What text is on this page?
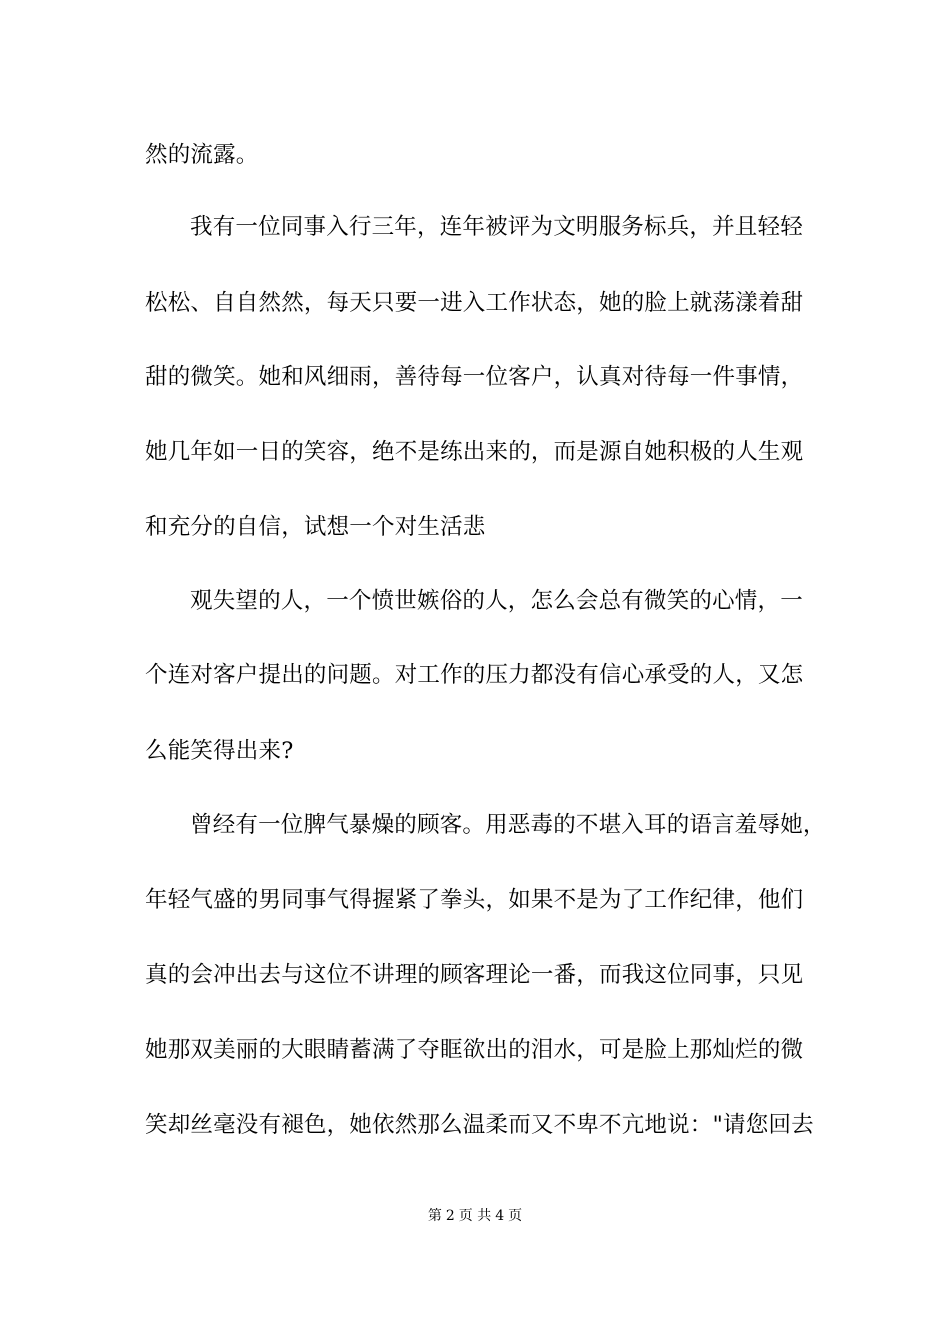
然的流露。
我有一位同事入行三年，连年被评为文明服务标兵，并且轻轻
松松、自自然然，每天只要一进入工作状态，她的脸上就荡漾着甜
甜的微笑。她和风细雨，善待每一位客户，认真对待每一件事情，
她几年如一日的笑容，绝不是练出来的，而是源自她积极的人生观
和充分的自信，试想一个对生活悲
观失望的人，一个愤世嫉俗的人，怎么会总有微笑的心情，一
个连对客户提出的问题。对工作的压力都没有信心承受的人，又怎
么能笑得出来?
曾经有一位脾气暴燥的顾客。用恶毒的不堪入耳的语言羞辱她，
年轻气盛的男同事气得握紧了拳头，如果不是为了工作纪律，他们
真的会冲出去与这位不讲理的顾客理论一番，而我这位同事，只见
她那双美丽的大眼睛蓄满了夺眶欲出的泪水，可是脸上那灿烂的微
笑却丝毫没有褪色，她依然那么温柔而又不卑不亢地说："请您回去
第 2 页 共 4 页
